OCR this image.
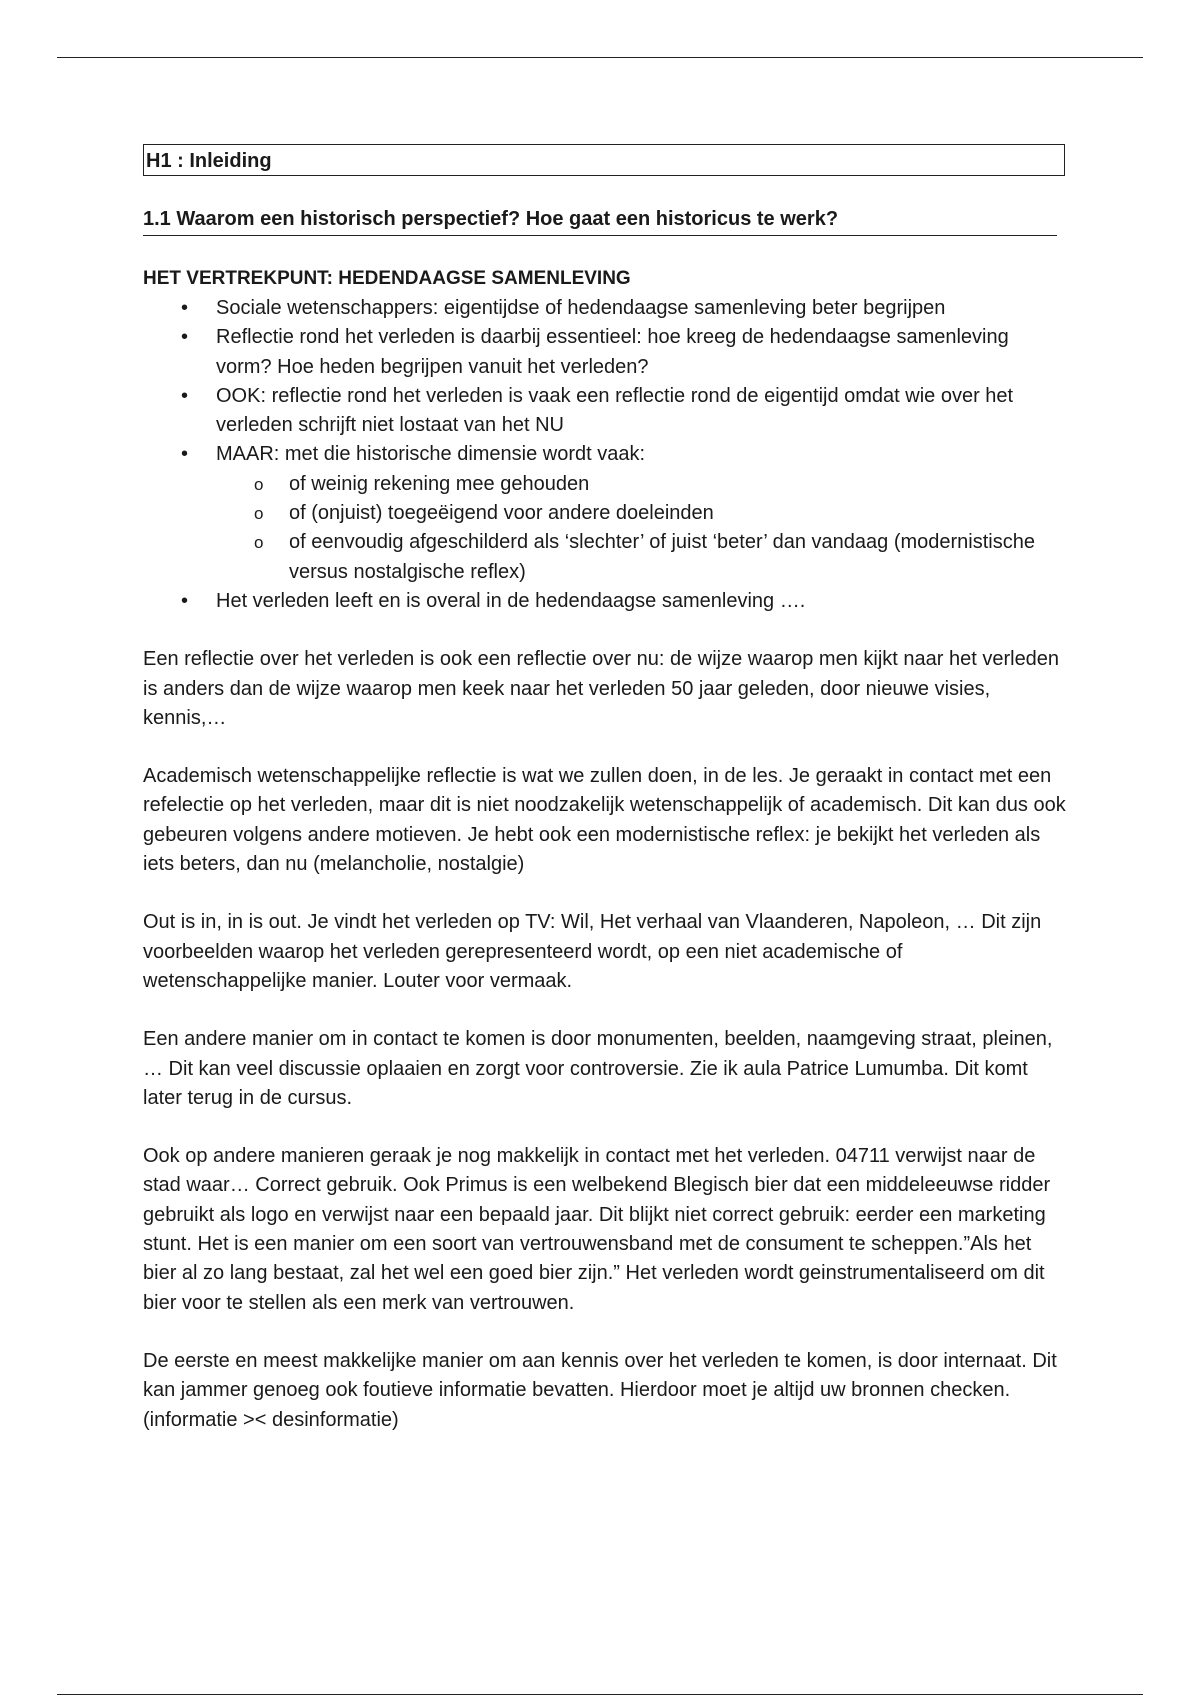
H1 : Inleiding
1.1 Waarom een historisch perspectief? Hoe gaat een historicus te werk?
HET VERTREKPUNT: HEDENDAAGSE SAMENLEVING
• Sociale wetenschappers: eigentijdse of hedendaagse samenleving beter begrijpen
• Reflectie rond het verleden is daarbij essentieel: hoe kreeg de hedendaagse samenleving vorm? Hoe heden begrijpen vanuit het verleden?
• OOK: reflectie rond het verleden is vaak een reflectie rond de eigentijd omdat wie over het verleden schrijft niet lostaat van het NU
• MAAR: met die historische dimensie wordt vaak:
o of weinig rekening mee gehouden
o of (onjuist) toegeëigend voor andere doeleinden
o of eenvoudig afgeschilderd als ‘slechter’ of juist ‘beter’ dan vandaag (modernistische versus nostalgische reflex)
• Het verleden leeft en is overal in de hedendaagse samenleving ….

Een reflectie over het verleden is ook een reflectie over nu: de wijze waarop men kijkt naar het verleden is anders dan de wijze waarop men keek naar het verleden 50 jaar geleden, door nieuwe visies, kennis,…

Academisch wetenschappelijke reflectie is wat we zullen doen, in de les. Je geraakt in contact met een refelectie op het verleden, maar dit is niet noodzakelijk wetenschappelijk of academisch. Dit kan dus ook gebeuren volgens andere motieven. Je hebt ook een modernistische reflex: je bekijkt het verleden als iets beters, dan nu (melancholie, nostalgie)

Out is in, in is out. Je vindt het verleden op TV: Wil, Het verhaal van Vlaanderen, Napoleon, … Dit zijn voorbeelden waarop het verleden gerepresenteerd wordt, op een niet academische of wetenschappelijke manier. Louter voor vermaak.

Een andere manier om in contact te komen is door monumenten, beelden, naamgeving straat, pleinen, … Dit kan veel discussie oplaaien en zorgt voor controversie. Zie ik aula Patrice Lumumba. Dit komt later terug in de cursus.

Ook op andere manieren geraak je nog makkelijk in contact met het verleden. 04711 verwijst naar de stad waar… Correct gebruik. Ook Primus is een welbekend Blegisch bier dat een middeleeuwse ridder gebruikt als logo en verwijst naar een bepaald jaar. Dit blijkt niet correct gebruik: eerder een marketing stunt. Het is een manier om een soort van vertrouwensband met de consument te scheppen.”Als het bier al zo lang bestaat, zal het wel een goed bier zijn.” Het verleden wordt geinstrumentaliseerd om dit bier voor te stellen als een merk van vertrouwen.

De eerste en meest makkelijke manier om aan kennis over het verleden te komen, is door internaat. Dit kan jammer genoeg ook foutieve informatie bevatten. Hierdoor moet je altijd uw bronnen checken. (informatie >< desinformatie)
